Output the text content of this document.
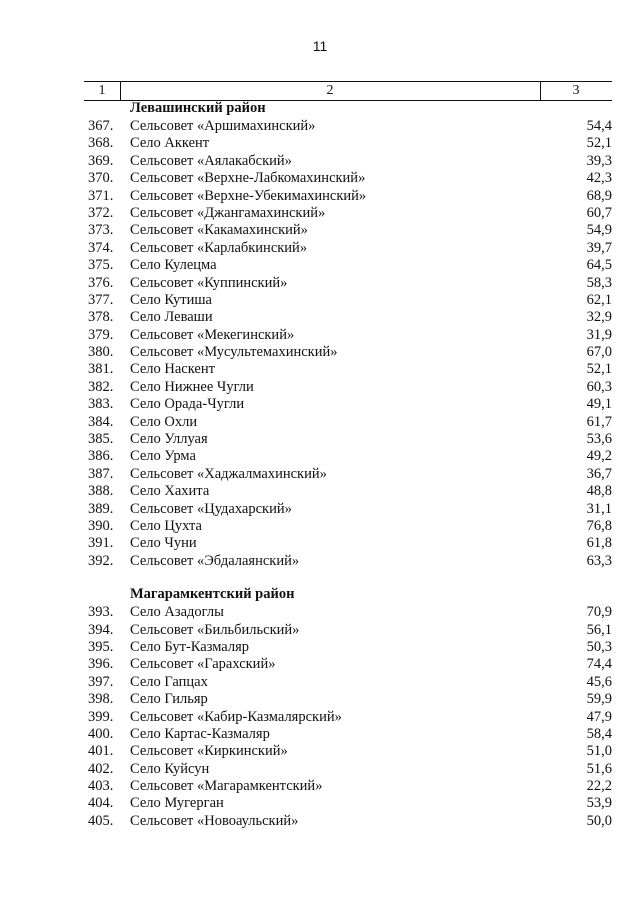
11
1	2	3
Левашинский район
367.	Сельсовет «Аршимахинский»	54,4
368.	Село Аккент	52,1
369.	Сельсовет «Аялакабский»	39,3
370.	Сельсовет «Верхне-Лабкомахинский»	42,3
371.	Сельсовет «Верхне-Убекимахинский»	68,9
372.	Сельсовет «Джангамахинский»	60,7
373.	Сельсовет «Какамахинский»	54,9
374.	Сельсовет «Карлабкинский»	39,7
375.	Село Кулецма	64,5
376.	Сельсовет «Куппинский»	58,3
377.	Село Кутиша	62,1
378.	Село Леваши	32,9
379.	Сельсовет «Мекегинский»	31,9
380.	Сельсовет «Мусультемахинский»	67,0
381.	Село Наскент	52,1
382.	Село Нижнее Чугли	60,3
383.	Село Орада-Чугли	49,1
384.	Село Охли	61,7
385.	Село Уллуая	53,6
386.	Село Урма	49,2
387.	Сельсовет «Хаджалмахинский»	36,7
388.	Село Хахита	48,8
389.	Сельсовет «Цудахарский»	31,1
390.	Село Цухта	76,8
391.	Село Чуни	61,8
392.	Сельсовет «Эбдалаянский»	63,3
Магарамкентский район
393.	Село Азадоглы	70,9
394.	Сельсовет «Бильбильский»	56,1
395.	Село Бут-Казмаляр	50,3
396.	Сельсовет «Гарахский»	74,4
397.	Село Гапцах	45,6
398.	Село Гильяр	59,9
399.	Сельсовет «Кабир-Казмалярский»	47,9
400.	Село Картас-Казмаляр	58,4
401.	Сельсовет «Киркинский»	51,0
402.	Село Куйсун	51,6
403.	Сельсовет «Магарамкентский»	22,2
404.	Село Мугерган	53,9
405.	Сельсовет «Новоаульский»	50,0
